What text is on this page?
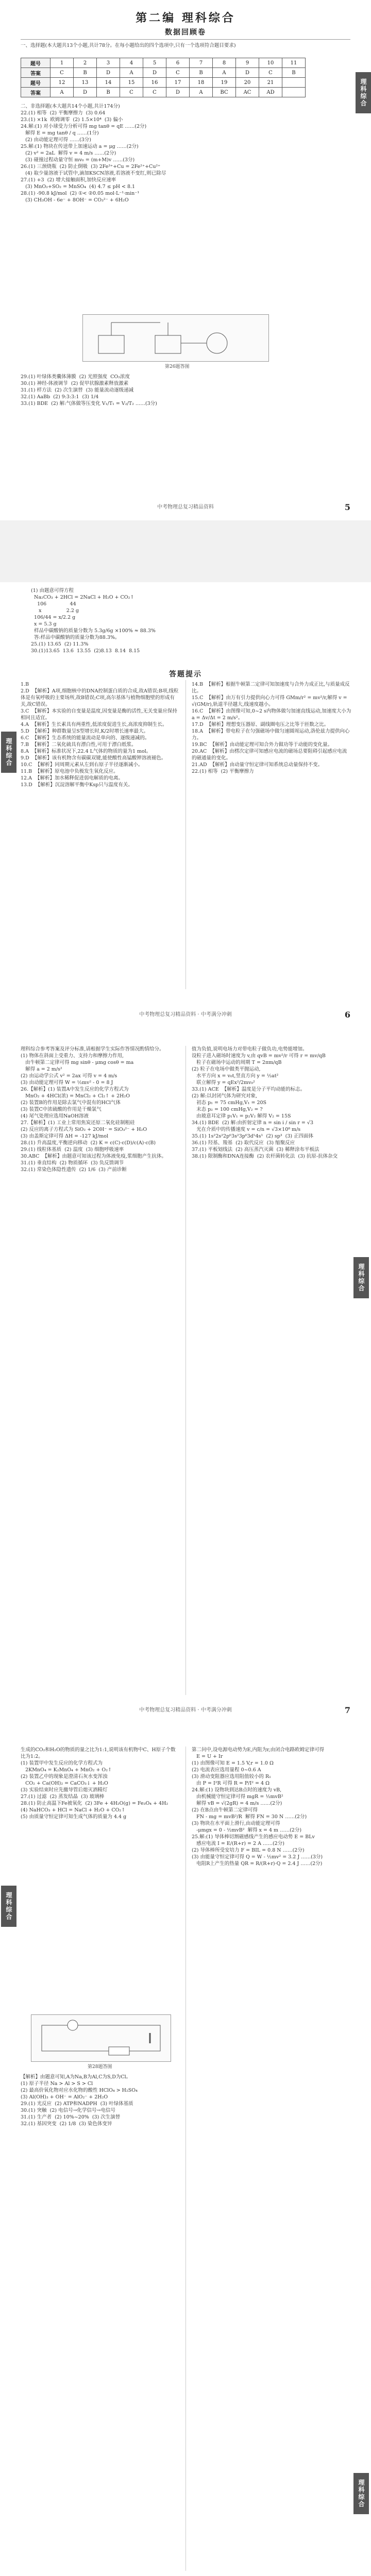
第二编 理科综合
数据回顾卷
一、选择题(本大题共13个小题,共计78分。在每小题给出的四个选项中,只有一个选项符合题目要求)
题号	1	2	3	4	5	6	7	8	9	10	11
答案	C	B	D	A	D	C	B	A	D	C	B
题号	12	13	14	15	16	17	18	19	20	21	
答案	A	D	B	C	C	D	A	BC	AC	AD	
二、非选择题(本大题共14个小题,共计174分)
22.(1) 相等  (2) 平衡摩擦力  (3) 0.64
23.(1) ×1k  欧姆调零  (2) 1.5×10⁴  (3) 偏小
24.解:(1) 对小球受力分析可得 mg tanθ = qE ……(2分)
解得 E = mg tanθ / q ……(1分)
(2) 由动能定理可得 ……(3分)
25.解:(1) 物块在传送带上加速运动 a = μg ……(2分)
(2) v² = 2aL  解得 v = 4 m/s ……(2分)
(3) 碰撞过程动量守恒 mv₀ = (m+M)v ……(3分)
26.(1) 三颈烧瓶  (2) 防止倒吸  (3) 2Fe³⁺+Cu = 2Fe²⁺+Cu²⁺
(4) 取少量溶液于试管中,滴加KSCN溶液,若溶液不变红,则已除尽
27.(1) +3  (2) 增大接触面积,加快反应速率
(3) MnO₂+SO₂ = MnSO₄  (4) 4.7 ≤ pH < 8.1
28.(1) -90.8 kJ/mol  (2) ①< ②0.05 mol·L⁻¹·min⁻¹
(3) CH₃OH - 6e⁻ + 8OH⁻ = CO₃²⁻ + 6H₂O
第26题答图
29.(1) 叶绿体类囊体薄膜  (2) 光照强度  CO₂浓度
30.(1) 神经-体液调节  (2) 促甲状腺激素释放激素
31.(1) 样方法  (2) 次生演替  (3) 能量流动逐级递减
32.(1) AaBb  (2) 9:3:3:1  (3) 1/4
33.(1) BDE  (2) 解:气体做等压变化 V₁/T₁ = V₂/T₂ ……(3分)
理科综合
中考物理总复习精品资料	5
(1) 由题意可得方程
Na₂CO₃ + 2HCl = 2NaCl + H₂O + CO₂↑
106               44
x                2.2 g
106/44 = x/2.2 g
x = 5.3 g
样品中碳酸钠的质量分数为 5.3g/6g ×100% ≈ 88.3%
答:样品中碳酸钠的质量分数为88.3%。
25.(1) 13.65  (2) 11.3%
30.(1)13.65  13.6  13.55  (2)8.13  8.14  8.15
答题提示
理科综合
1.B
2.D  【解析】A项,细胞核中的DNA控制蛋白质的合成,故A错误;B项,线粒体是有氧呼吸的主要场所,故B错误;C项,高尔基体与植物细胞壁的形成有关,故C错误。
3.C  【解析】本实验的自变量是温度,因变量是酶的活性,无关变量应保持相同且适宜。
4.A  【解析】生长素具有两重性,低浓度促进生长,高浓度抑制生长。
5.D  【解析】种群数量呈S型增长时,K/2时增长速率最大。
6.C  【解析】生态系统的能量流动是单向的、逐级递减的。
7.B  【解析】二氧化硫具有漂白性,可用于漂白纸浆。
8.A  【解析】标准状况下,22.4 L气体的物质的量为1 mol。
9.D  【解析】该有机物含有碳碳双键,能使酸性高锰酸钾溶液褪色。
10.C  【解析】同周期元素从左到右原子半径逐渐减小。
11.B  【解析】原电池中负极发生氧化反应。
12.A  【解析】加水稀释促进弱电解质的电离。
13.D  【解析】沉淀溶解平衡中Ksp只与温度有关。
14.B  【解析】根据牛顿第二定律可知加速度与合外力成正比,与质量成反比。
15.C  【解析】由万有引力提供向心力可得 GMm/r² = mv²/r,解得 v = √(GM/r),轨道半径越大,线速度越小。
16.C  【解析】由图像可知,0~2 s内物体做匀加速直线运动,加速度大小为 a = Δv/Δt = 2 m/s²。
17.D  【解析】理想变压器原、副线圈电压之比等于匝数之比。
18.A  【解析】带电粒子在匀强磁场中做匀速圆周运动,洛伦兹力提供向心力。
19.BC  【解析】由动能定理可知合外力做功等于动能的变化量。
20.AC  【解析】由楞次定律可知感应电流的磁场总要阻碍引起感应电流的磁通量的变化。
21.AD  【解析】由动量守恒定律可知系统总动量保持不变。
22.(1) 相等  (2) 平衡摩擦力
中考物理总复习精品资料 · 中考满分冲刺	6
理科综合参考答案及评分标准,请根据学生实际作答情况酌情给分。
(1) 物体在斜面上受重力、支持力和摩擦力作用,
由牛顿第二定律可得 mg sinθ - μmg cosθ = ma
解得 a = 2 m/s²
(2) 由运动学公式 v² = 2ax 可得 v = 4 m/s
(3) 由动能定理可得 W = ½mv² - 0 = 8 J
26.【解析】(1) 装置A中发生反应的化学方程式为
MnO₂ + 4HCl(浓) = MnCl₂ + Cl₂↑ + 2H₂O
(2) 装置B的作用是除去氯气中混有的HCl气体
(3) 装置C中浓硫酸的作用是干燥氯气
(4) 尾气处理应选用NaOH溶液
27.【解析】(1) 工业上常用焦炭还原二氧化硅制粗硅
(2) 反应的离子方程式为 SiO₂ + 2OH⁻ = SiO₃²⁻ + H₂O
(3) 由盖斯定律可得 ΔH = -127 kJ/mol
28.(1) 升高温度,平衡逆向移动  (2) K = c(C)·c(D)/c(A)·c(B)
29.(1) 线粒体基质  (2) 温度  (3) 细胞呼吸速率
30.ABC  【解析】由题意可知该过程为体液免疫,浆细胞产生抗体。
31.(1) 垂直结构  (2) 物质循环  (3) 负反馈调节
32.(1) 常染色体隐性遗传  (2) 1/6  (3) 产前诊断
值为负值,说明电场力对带电粒子做负功,电势能增加。
设粒子进入磁场时速度为 v,由 qvB = mv²/r 可得 r = mv/qB
粒子在磁场中运动的周期 T = 2πm/qB
(2) 粒子在电场中做类平抛运动,
水平方向 x = v₀t,竖直方向 y = ½at²
联立解得 y = qEx²/2mv₀²
33.(1) ACE  【解析】温度是分子平均动能的标志。
(2) 解:以封闭气体为研究对象,
初态 p₁ = 75 cmHg,V₁ = 20S
末态 p₂ = 100 cmHg,V₂ = ?
由玻意耳定律 p₁V₁ = p₂V₂ 解得 V₂ = 15S
34.(1) BDE  (2) 解:由折射定律 n = sin i / sin r = √3
光在介质中的传播速度 v = c/n = √3×10⁸ m/s
35.(1) 1s²2s²2p⁶3s²3p⁶3d⁵4s¹  (2) sp³  (3) 正四面体
36.(1) 羟基、羧基  (2) 取代反应  (3) 缩聚反应
37.(1) 平板划线法  (2) 高压蒸汽灭菌  (3) 稀释涂布平板法
38.(1) 限制酶和DNA连接酶  (2) 农杆菌转化法  (3) 抗原-抗体杂交
理科综合
中考物理总复习精品资料 · 中考满分冲刺	7
理科综合
生成的CO₂和H₂O的物质的量之比为1:1,说明该有机物中C、H原子个数比为1:2。
(1) 装置甲中发生反应的化学方程式为
2KMnO₄ = K₂MnO₄ + MnO₂ + O₂↑
(2) 装置乙中的现象是澄清石灰水变浑浊
CO₂ + Ca(OH)₂ = CaCO₃↓ + H₂O
(3) 实验结束时应先撤导管后熄灭酒精灯
27.(1) 过滤  (2) 蒸发结晶  (3) 玻璃棒
28.(1) 防止高温下Fe被氧化  (2) 3Fe + 4H₂O(g) = Fe₃O₄ + 4H₂
(4) NaHCO₃ + HCl = NaCl + H₂O + CO₂↑
(5) 由质量守恒定律可知生成气体的质量为 4.4 g
第28题答图
【解析】由题意可知,A为Na,B为Al,C为S,D为Cl。
(1) 原子半径 Na > Al > S > Cl
(2) 最高价氧化物对应水化物的酸性 HClO₄ > H₂SO₄
(3) Al(OH)₃ + OH⁻ = AlO₂⁻ + 2H₂O
29.(1) 光反应  (2) ATP和NADPH  (3) 叶绿体基质
30.(1) 突触  (2) 电信号→化学信号→电信号
31.(1) 生产者  (2) 10%~20%  (3) 次生演替
32.(1) 基因突变  (2) 1/8  (3) 染色体变异
第二问中,设电源电动势为E,内阻为r,由闭合电路欧姆定律可得
E = U + Ir
(1) 由图像可知 E = 1.5 V,r = 1.0 Ω
(2) 电流表应选用量程 0~0.6 A
(3) 滑动变阻器应选用阻值较小的 R₁
由 P = I²R 可得 R = P/I² = 4 Ω
24.解:(1) 设物块到达B点时的速度为 vB,
由机械能守恒定律可得 mgR = ½mvB²
解得 vB = √(2gR) = 4 m/s ……(2分)
(2) 在B点由牛顿第二定律可得
FN - mg = mvB²/R  解得 FN = 30 N ……(2分)
(3) 物块在水平面上滑行,由动能定理可得
-μmgx = 0 - ½mvB²  解得 x = 4 m ……(2分)
25.解:(1) 导体棒切割磁感线产生的感应电动势 E = BLv
感应电流 I = E/(R+r) = 2 A ……(2分)
(2) 导体棒所受安培力 F = BIL = 0.8 N ……(2分)
(3) 由能量守恒定律可得 Q = W - ½mv² = 3.2 J ……(3分)
电阻R上产生的热量 QR = R/(R+r)·Q = 2.4 J ……(2分)
理科综合
